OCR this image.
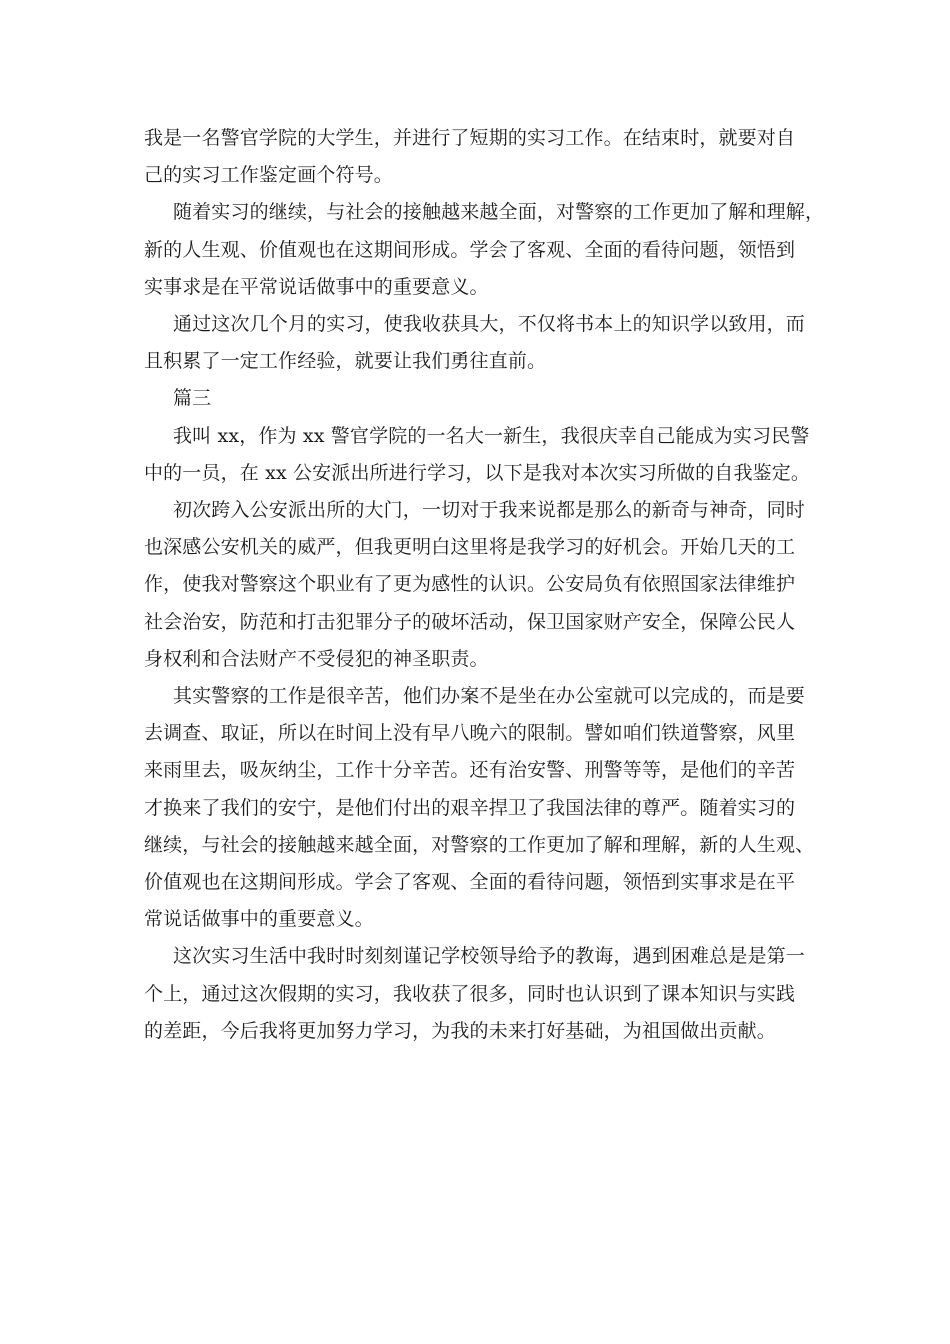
我是一名警官学院的大学生，并进行了短期的实习工作。在结束时，就要对自
己的实习工作鉴定画个符号。

随着实习的继续，与社会的接触越来越全面，对警察的工作更加了解和理解，
新的人生观、价值观也在这期间形成。学会了客观、全面的看待问题，领悟到
实事求是在平常说话做事中的重要意义。

通过这次几个月的实习，使我收获具大，不仅将书本上的知识学以致用，而
且积累了一定工作经验，就要让我们勇往直前。

篇三

我叫 xx，作为 xx 警官学院的一名大一新生，我很庆幸自己能成为实习民警
中的一员，在 xx 公安派出所进行学习，以下是我对本次实习所做的自我鉴定。

初次跨入公安派出所的大门，一切对于我来说都是那么的新奇与神奇，同时
也深感公安机关的威严，但我更明白这里将是我学习的好机会。开始几天的工
作，使我对警察这个职业有了更为感性的认识。公安局负有依照国家法律维护
社会治安，防范和打击犯罪分子的破坏活动，保卫国家财产安全，保障公民人
身权利和合法财产不受侵犯的神圣职责。

其实警察的工作是很辛苦，他们办案不是坐在办公室就可以完成的，而是要
去调查、取证，所以在时间上没有早八晚六的限制。譬如咱们铁道警察，风里
来雨里去，吸灰纳尘，工作十分辛苦。还有治安警、刑警等等，是他们的辛苦
才换来了我们的安宁，是他们付出的艰辛捍卫了我国法律的尊严。随着实习的
继续，与社会的接触越来越全面，对警察的工作更加了解和理解，新的人生观、
价值观也在这期间形成。学会了客观、全面的看待问题，领悟到实事求是在平
常说话做事中的重要意义。

这次实习生活中我时时刻刻谨记学校领导给予的教诲，遇到困难总是是第一
个上，通过这次假期的实习，我收获了很多，同时也认识到了课本知识与实践
的差距，今后我将更加努力学习，为我的未来打好基础，为祖国做出贡献。
